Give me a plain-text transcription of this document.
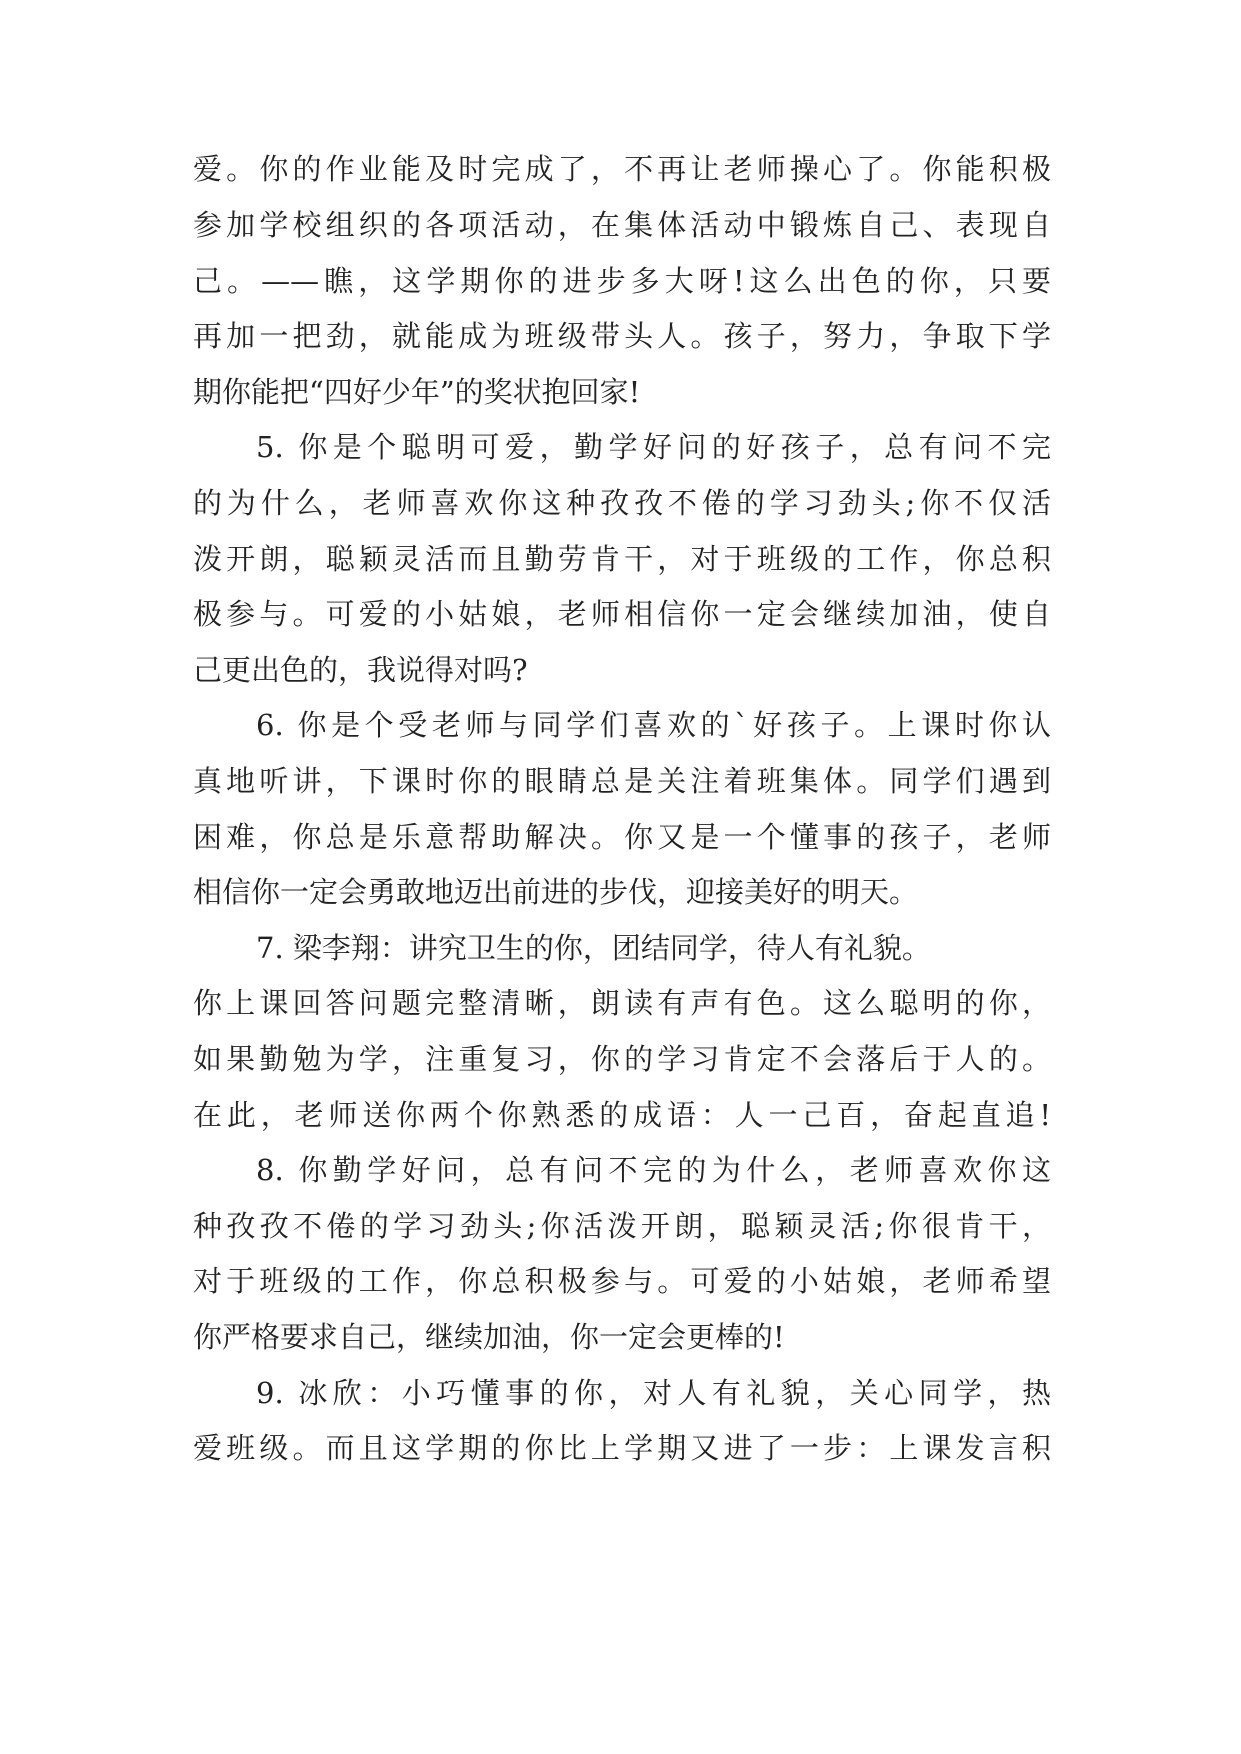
爱。你的作业能及时完成了，不再让老师操心了。你能积极
参加学校组织的各项活动，在集体活动中锻炼自己、表现自
己。——瞧，这学期你的进步多大呀!这么出色的你，只要
再加一把劲，就能成为班级带头人。孩子，努力，争取下学
期你能把“四好少年”的奖状抱回家!
5. 你是个聪明可爱，勤学好问的好孩子，总有问不完
的为什么，老师喜欢你这种孜孜不倦的学习劲头;你不仅活
泼开朗，聪颖灵活而且勤劳肯干，对于班级的工作，你总积
极参与。可爱的小姑娘，老师相信你一定会继续加油，使自
己更出色的，我说得对吗?
6. 你是个受老师与同学们喜欢的`好孩子。上课时你认
真地听讲，下课时你的眼睛总是关注着班集体。同学们遇到
困难，你总是乐意帮助解决。你又是一个懂事的孩子，老师
相信你一定会勇敢地迈出前进的步伐，迎接美好的明天。
7. 梁李翔：讲究卫生的你，团结同学，待人有礼貌。
你上课回答问题完整清晰，朗读有声有色。这么聪明的你，
如果勤勉为学，注重复习，你的学习肯定不会落后于人的。
在此，老师送你两个你熟悉的成语：人一己百，奋起直追!
8. 你勤学好问，总有问不完的为什么，老师喜欢你这
种孜孜不倦的学习劲头;你活泼开朗，聪颖灵活;你很肯干，
对于班级的工作，你总积极参与。可爱的小姑娘，老师希望
你严格要求自己，继续加油，你一定会更棒的!
9. 冰欣：小巧懂事的你，对人有礼貌，关心同学，热
爱班级。而且这学期的你比上学期又进了一步：上课发言积
